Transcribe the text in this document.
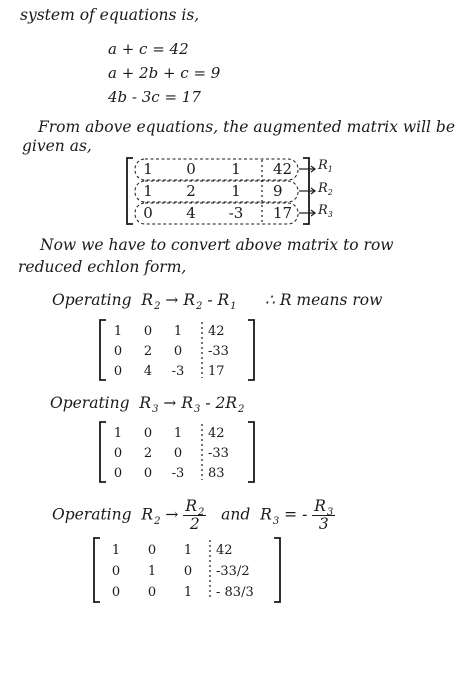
system of equations is,
a + c = 42
a + 2b + c = 9
4b - 3c = 17
From above equations, the augmented matrix will be
given as,
1 0 1 42
1 2 1 9
0 4 -3 17
$R_1$
$R_2$
$R_3$
Now we have to convert above matrix to row
reduced echlon form,
Operating $R_2 \to R_2 - R_1$ ∴ R means row
1 0 1 42
0 2 0 -33
0 4 -3 17
Operating $R_3 \to R_3 - 2R_2$
1 0 1 42
0 2 0 -33
0 0 -3 83
Operating $R_2 \to \frac{R_2}{2}$ and $R_3$ = - $\frac{R_3}{3}$
1 0 1 42
0 1 0 -33/2
0 0 1 - 83/3
